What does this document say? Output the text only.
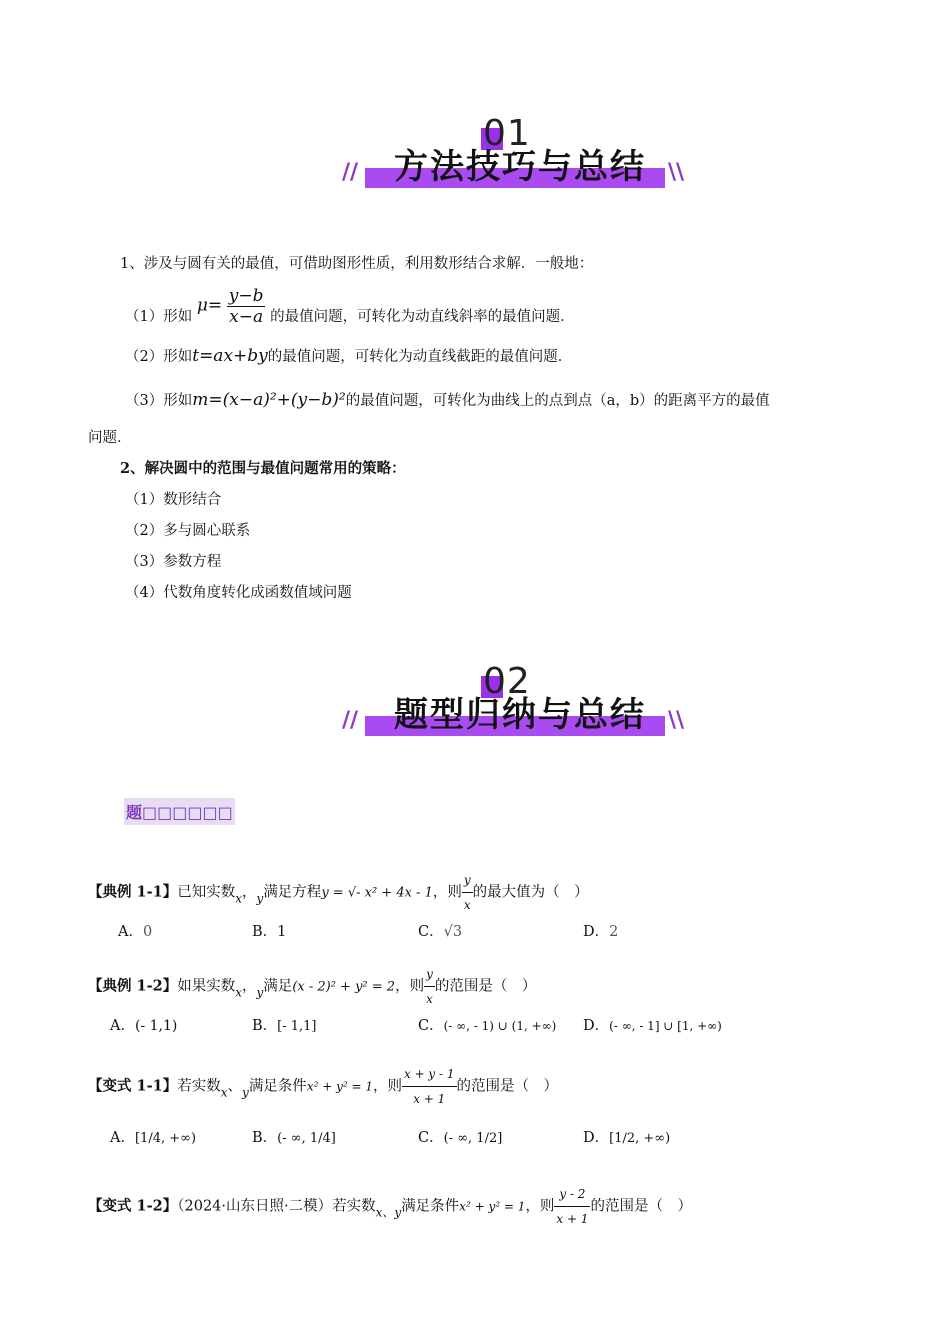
01
方法技巧与总结
//	\\
1、涉及与圆有关的最值，可借助图形性质，利用数形结合求解．一般地：
（1）形如 $\mu= \frac{y-b}{x-a}$ 的最值问题，可转化为动直线斜率的最值问题．
（2）形如t=ax+by的最值问题，可转化为动直线截距的最值问题．
（3）形如m=(x−a)²+(y−b)²的最值问题，可转化为曲线上的点到点（a，b）的距离平方的最值
问题．
2、解决圆中的范围与最值问题常用的策略：
（1）数形结合
（2）多与圆心联系
（3）参数方程
（4）代数角度转化成函数值域问题
02
题型归纳与总结
//	\\
题□□□□□□
【典例 1-1】已知实数$_x$，$_y$满足方程y = √- x² + 4x - 1，则 $\frac{y}{x}$ 的最大值为（　）
A．0	B．1	C．√3	D．2
【典例 1-2】如果实数$_x$，$_y$满足(x - 2)² + y² = 2，则 $\frac{y}{x}$ 的范围是（　）
A．(- 1,1)	B．[- 1,1]	C．(- ∞, - 1) ∪ (1, +∞) D．(- ∞, - 1] ∪ [1, +∞)
【变式 1-1】若实数$_x$、$_y$满足条件x² + y² = 1，则 $\frac{x + y - 1}{x + 1}$ 的范围是（　）
A．[1/4, +∞)	B．(- ∞, 1/4]	C．(- ∞, 1/2]	D．[1/2, +∞)
【变式 1-2】（2024·山东日照·二模）若实数$_{x、y}$满足条件x² + y² = 1，则 $\frac{y - 2}{x + 1}$ 的范围是（　）
